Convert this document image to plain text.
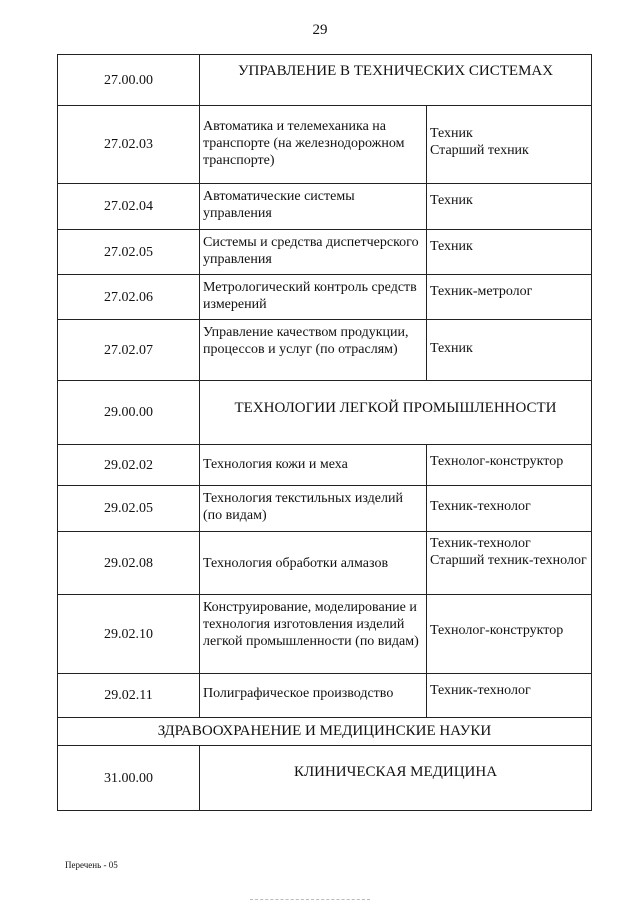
29
27.00.00	УПРАВЛЕНИЕ В ТЕХНИЧЕСКИХ СИСТЕМАХ	
27.02.03	Автоматика и телемеханика на транспорте (на железнодорожном транспорте)	Техник
Старший техник
27.02.04	Автоматические системы управления	Техник
27.02.05	Системы и средства диспетчерского управления	Техник
27.02.06	Метрологический контроль средств измерений	Техник-метролог
27.02.07	Управление качеством продукции, процессов и услуг (по отраслям)	Техник
29.00.00	ТЕХНОЛОГИИ ЛЕГКОЙ ПРОМЫШЛЕННОСТИ	
29.02.02	Технология кожи и меха	Технолог-конструктор
29.02.05	Технология текстильных изделий (по видам)	Техник-технолог
29.02.08	Технология обработки алмазов	Техник-технолог
Старший техник-технолог
29.02.10	Конструирование, моделирование и технология изготовления изделий легкой промышленности (по видам)	Технолог-конструктор
29.02.11	Полиграфическое производство	Техник-технолог
ЗДРАВООХРАНЕНИЕ И МЕДИЦИНСКИЕ НАУКИ		
31.00.00	КЛИНИЧЕСКАЯ МЕДИЦИНА	
Перечень - 05
